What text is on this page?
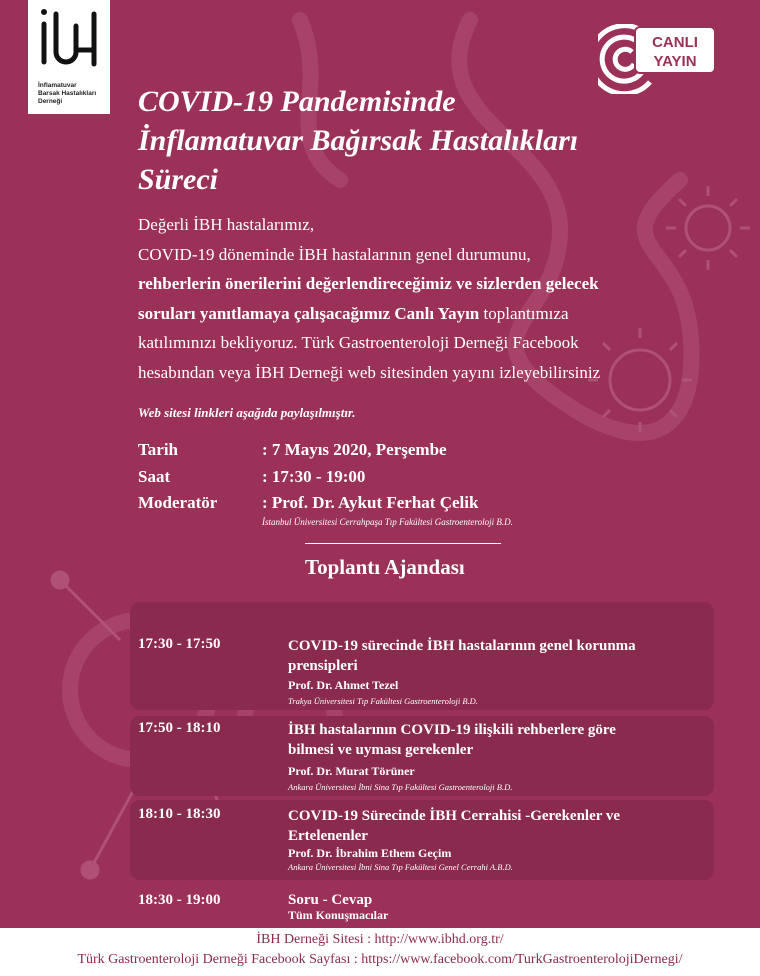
İnflamatuvar
Barsak Hastalıkları
Derneği
CANLI
YAYIN
COVID-19 Pandemisinde
İnflamatuvar Bağırsak Hastalıkları
Süreci

Değerli İBH hastalarımız,

COVID-19 döneminde İBH hastalarının genel durumunu,

rehberlerin önerilerini değerlendireceğimiz ve sizlerden gelecek

soruları yanıtlamaya çalışacağımız Canlı Yayın toplantımıza

katılımınızı bekliyoruz. Türk Gastroenteroloji Derneği Facebook

hesabından veya İBH Derneği web sitesinden yayını izleyebilirsiniz

Web sitesi linkleri aşağıda paylaşılmıştır.
Tarih	: 7 Mayıs 2020, Perşembe
Saat	: 17:30 - 19:00
Moderatör	: Prof. Dr. Aykut Ferhat Çelik
İstanbul Üniversitesi Cerrahpaşa Tıp Fakültesi Gastroenteroloji B.D.
Toplantı Ajandası
17:30 - 17:50	COVID-19 sürecinde İBH hastalarının genel korunma
prensipleri
Prof. Dr. Ahmet Tezel
Trakya Üniversitesi Tıp Fakültesi Gastroenteroloji B.D.
17:50 - 18:10	İBH hastalarının COVID-19 ilişkili rehberlere göre
bilmesi ve uyması gerekenler
Prof. Dr. Murat Törüner
Ankara Üniversitesi İbni Sina Tıp Fakültesi Gastroenteroloji B.D.
18:10 - 18:30	COVID-19 Sürecinde İBH Cerrahisi -Gerekenler ve
Ertelenenler
Prof. Dr. İbrahim Ethem Geçim
Ankara Üniversitesi İbni Sina Tıp Fakültesi Genel Cerrahi A.B.D.
18:30 - 19:00	Soru - Cevap
Tüm Konuşmacılar

İBH Derneği Sitesi : http://www.ibhd.org.tr/

Türk Gastroenteroloji Derneği Facebook Sayfası : https://www.facebook.com/TurkGastroenterolojiDernegi/
